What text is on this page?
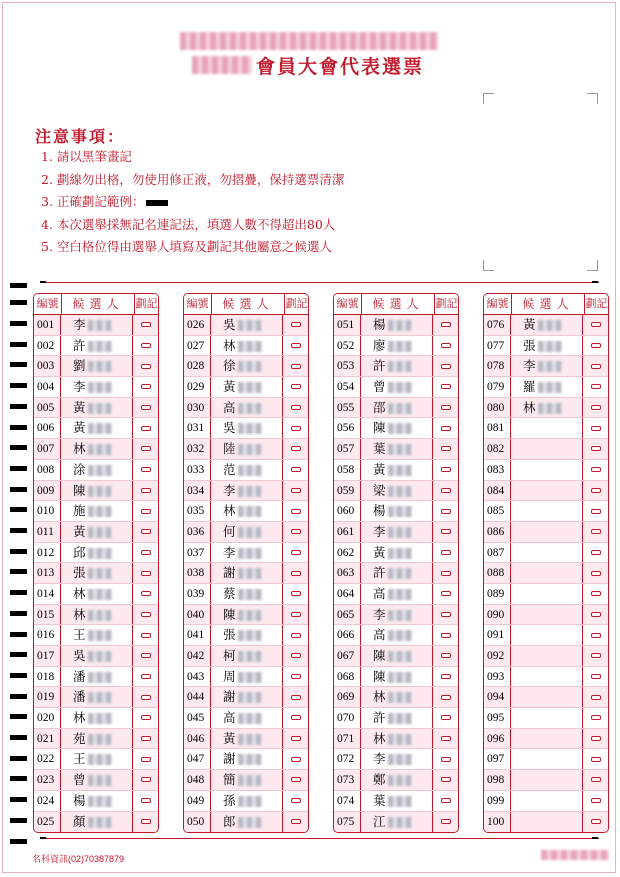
會員大會代表選票
注意事項：
1. 請以黑筆畫記
2. 劃線勿出格，勿使用修正液，勿摺疊，保持選票清潔
3. 正確劃記範例：
4. 本次選舉採無記名連記法，填選人數不得超出80人
5. 空白格位得由選舉人填寫及劃記其他屬意之候選人
編號	候選人	劃記
001	李
002	許
003	劉
004	李
005	黃
006	黃
007	林
008	涂
009	陳
010	施
011	黃
012	邱
013	張
014	林
015	林
016	王
017	吳
018	潘
019	潘
020	林
021	苑
022	王
023	曾
024	楊
025	顏
編號	候選人	劃記
026	吳
027	林
028	徐
029	黃
030	高
031	吳
032	陸
033	范
034	李
035	林
036	何
037	李
038	謝
039	蔡
040	陳
041	張
042	柯
043	周
044	謝
045	高
046	黃
047	謝
048	簡
049	孫
050	郎
編號	候選人	劃記
051	楊
052	廖
053	許
054	曾
055	邵
056	陳
057	葉
058	黃
059	梁
060	楊
061	李
062	黃
063	許
064	高
065	李
066	高
067	陳
068	陳
069	林
070	許
071	林
072	李
073	鄭
074	葉
075	江
編號	候選人	劃記
076	黃
077	張
078	李
079	羅
080	林
081
082
083
084
085
086
087
088
089
090
091
092
093
094
095
096
097
098
099
100
名科資訊(02)70387879
